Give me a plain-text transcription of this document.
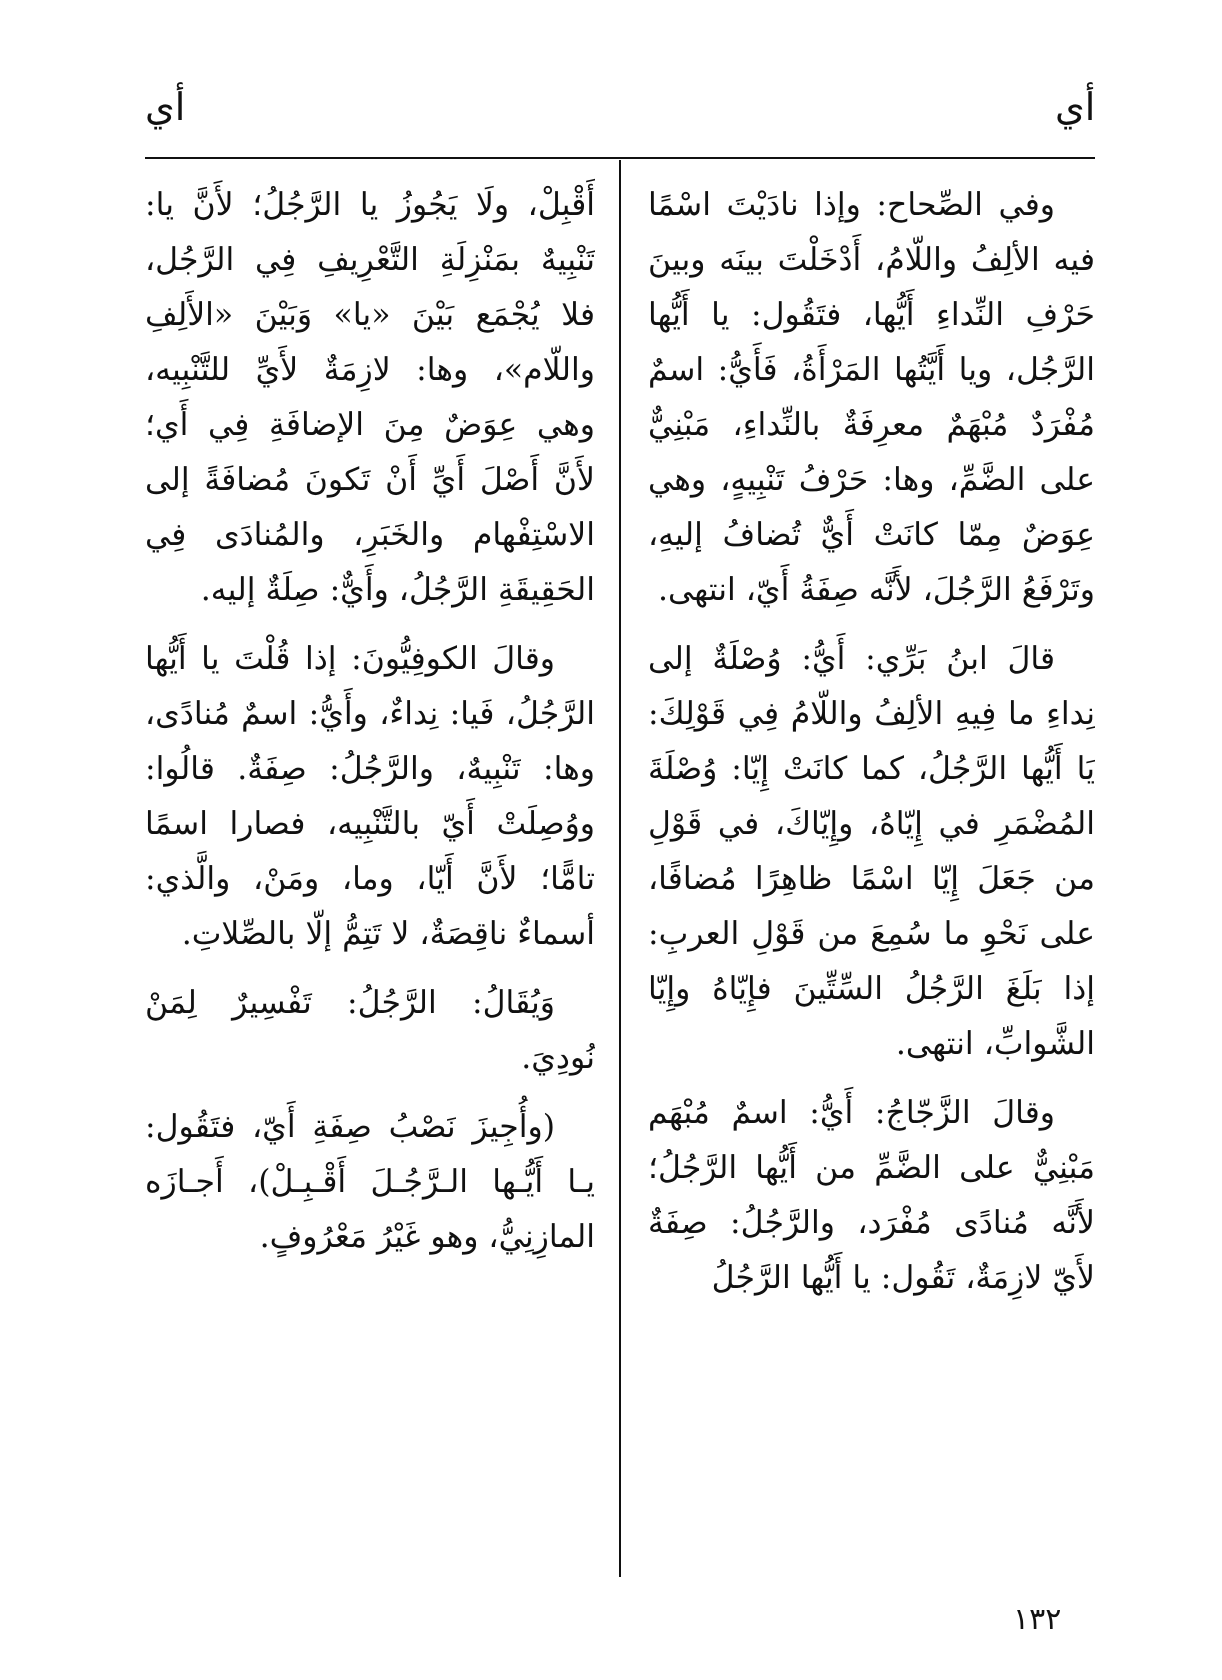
أي
أي

وفي الصِّحاح: وإذا نادَيْتَ اسْمًا فيه الألِفُ واللّامُ، أَدْخَلْتَ بينَه وبينَ حَرْفِ النِّداءِ أَيُّها، فتَقُول: يا أَيُّها الرَّجُل، ويا أَيَّتُها المَرْأَةُ، فَأَيُّ: اسمٌ مُفْرَدٌ مُبْهَمٌ معرِفَةٌ بالنِّداءِ، مَبْنِيٌّ على الضَّمِّ، وها: حَرْفُ تَنْبِيهٍ، وهي عِوَضٌ مِمّا كانَتْ أَيٌّ تُضافُ إليهِ، وتَرْفَعُ الرَّجُلَ، لأَنَّه صِفَةُ أَيّ، انتهى.

قالَ ابنُ بَرِّي: أَيُّ: وُصْلَةٌ إلى نِداءِ ما فِيهِ الألِفُ واللّامُ فِي قَوْلِكَ: يَا أَيُّها الرَّجُلُ، كما كانَتْ إِيّا: وُصْلَةَ المُضْمَرِ في إِيّاهُ، وإِيّاكَ، في قَوْلِ من جَعَلَ إِيّا اسْمًا ظاهِرًا مُضافًا، على نَحْوِ ما سُمِعَ من قَوْلِ العربِ: إذا بَلَغَ الرَّجُلُ السِّتِّينَ فإِيّاهُ وإِيّا الشَّوابِّ، انتهى.

وقالَ الزَّجّاجُ: أَيُّ: اسمٌ مُبْهَم مَبْنِيٌّ على الضَّمِّ من أَيُّها الرَّجُلُ؛ لأَنَّه مُنادًى مُفْرَد، والرَّجُلُ: صِفَةٌ لأَيّ لازِمَةٌ، تَقُول: يا أَيُّها الرَّجُلُ

أَقْبِلْ، ولَا يَجُوزُ يا الرَّجُلُ؛ لأَنَّ يا: تَنْبِيهٌ بمَنْزِلَةِ التَّعْرِيفِ فِي الرَّجُل، فلا يُجْمَع بَيْنَ «يا» وَبَيْنَ «الأَلِفِ واللّام»، وها: لازِمَةٌ لأَيِّ للتَّنْبِيه، وهي عِوَضٌ مِنَ الإضافَةِ فِي أَي؛ لأَنَّ أَصْلَ أَيِّ أَنْ تَكونَ مُضافَةً إلى الاسْتِفْهام والخَبَرِ، والمُنادَى فِي الحَقِيقَةِ الرَّجُلُ، وأَيٌّ: صِلَةٌ إليه.

وقالَ الكوفِيُّونَ: إذا قُلْتَ يا أَيُّها الرَّجُلُ، فَيا: نِداءٌ، وأَيُّ: اسمٌ مُنادًى، وها: تَنْبِيهٌ، والرَّجُلُ: صِفَةٌ. قالُوا: ووُصِلَتْ أَيّ بالتَّنْبِيه، فصارا اسمًا تامًّا؛ لأَنَّ أَيّا، وما، ومَنْ، والَّذي: أسماءٌ ناقِصَةٌ، لا تَتِمُّ إلّا بالصِّلاتِ.

وَيُقَالُ: الرَّجُلُ: تَفْسِيرٌ لِمَنْ نُودِيَ.

(وأُجِيزَ نَصْبُ صِفَةِ أَيّ، فتَقُول: يـا أَيُّـها الـرَّجُـلَ أَقْـبِـلْ)، أَجـازَه المازِنِيُّ، وهو غَيْرُ مَعْرُوفٍ.

١٣٢
